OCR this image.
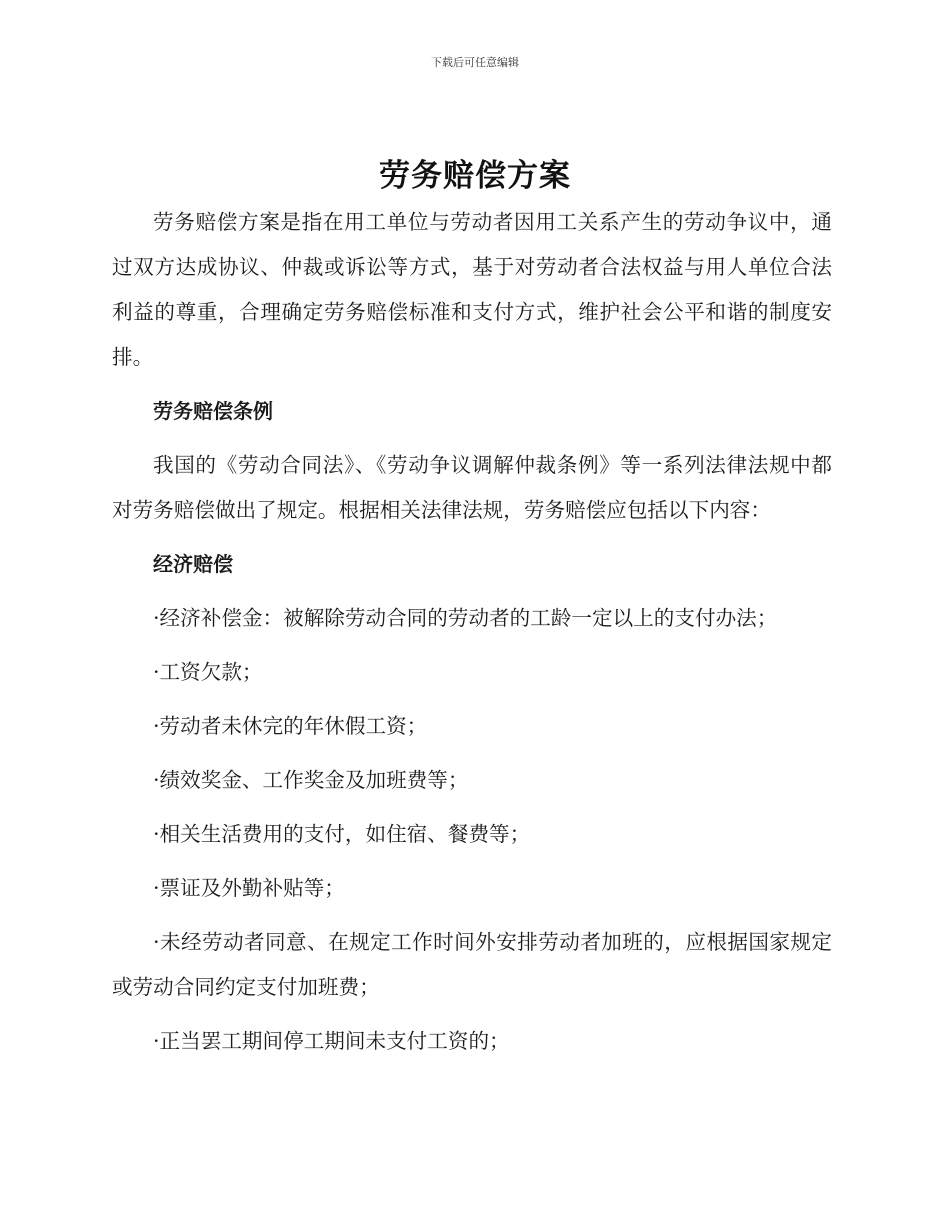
下载后可任意编辑
劳务赔偿方案

劳务赔偿方案是指在用工单位与劳动者因用工关系产生的劳动争议中，通过双方达成协议、仲裁或诉讼等方式，基于对劳动者合法权益与用人单位合法利益的尊重，合理确定劳务赔偿标准和支付方式，维护社会公平和谐的制度安排。

劳务赔偿条例

我国的《劳动合同法》、《劳动争议调解仲裁条例》等一系列法律法规中都对劳务赔偿做出了规定。根据相关法律法规，劳务赔偿应包括以下内容：

经济赔偿

·经济补偿金：被解除劳动合同的劳动者的工龄一定以上的支付办法；

·工资欠款；

·劳动者未休完的年休假工资；

·绩效奖金、工作奖金及加班费等；

·相关生活费用的支付，如住宿、餐费等；

·票证及外勤补贴等；

·未经劳动者同意、在规定工作时间外安排劳动者加班的，应根据国家规定或劳动合同约定支付加班费；

·正当罢工期间停工期间未支付工资的；
